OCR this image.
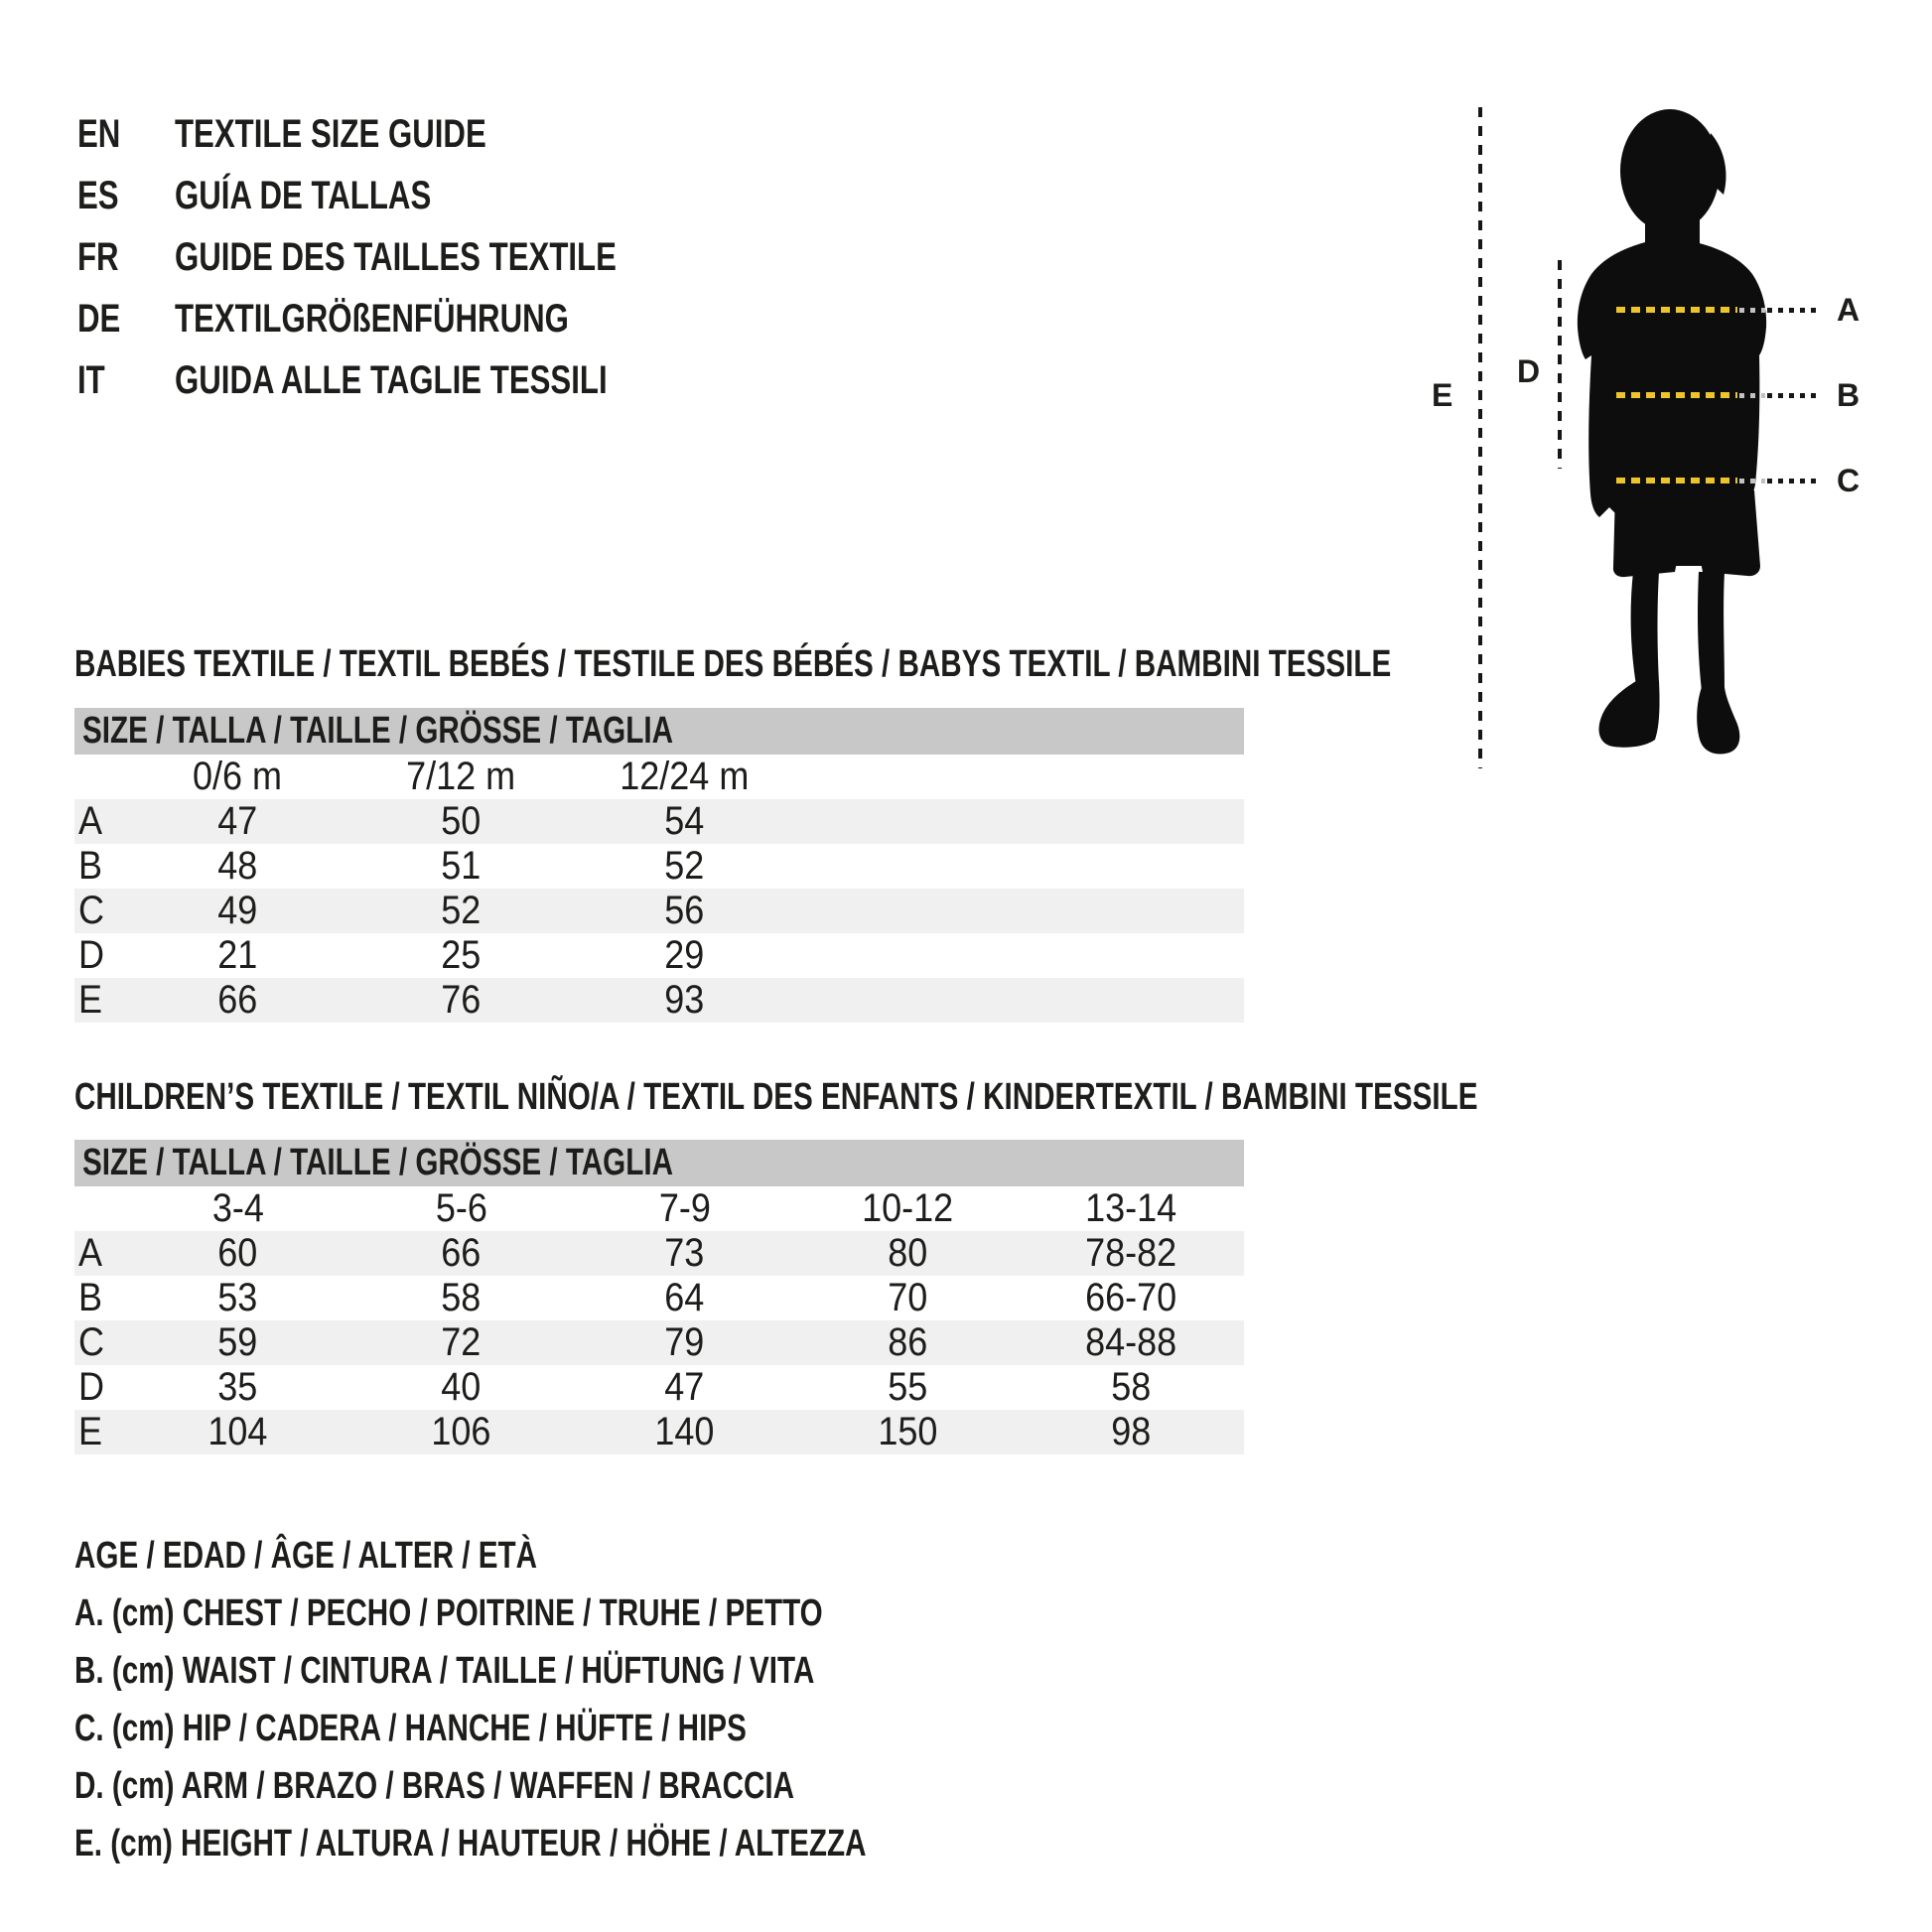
EN	TEXTILE SIZE GUIDE
ES	GUÍA DE TALLAS
FR	GUIDE DES TAILLES TEXTILE
DE	TEXTILGRÖßENFÜHRUNG
IT	GUIDA ALLE TAGLIE TESSILI	E
D
A
B
C
BABIES TEXTILE / TEXTIL BEBÉS / TESTILE DES BÉBÉS / BABYS TEXTIL / BAMBINI TESSILE
SIZE / TALLA / TAILLE / GRÖSSE / TAGLIA
0/6 m	7/12 m	12/24 m
A	47	50	54
B	48	51	52
C	49	52	56
D	21	25	29
E	66	76	93
CHILDREN’S TEXTILE / TEXTIL NIÑO/A / TEXTIL DES ENFANTS / KINDERTEXTIL / BAMBINI TESSILE
SIZE / TALLA / TAILLE / GRÖSSE / TAGLIA
3-4	5-6	7-9	10-12	13-14
A	60	66	73	80	78-82
B	53	58	64	70	66-70
C	59	72	79	86	84-88
D	35	40	47	55	58
E	104	106	140	150	98
AGE / EDAD / ÂGE / ALTER / ETÀ
A. (cm) CHEST / PECHO / POITRINE / TRUHE / PETTO
B. (cm) WAIST / CINTURA / TAILLE / HÜFTUNG / VITA
C. (cm) HIP / CADERA / HANCHE / HÜFTE / HIPS
D. (cm) ARM / BRAZO / BRAS / WAFFEN / BRACCIA
E. (cm) HEIGHT / ALTURA / HAUTEUR / HÖHE / ALTEZZA
